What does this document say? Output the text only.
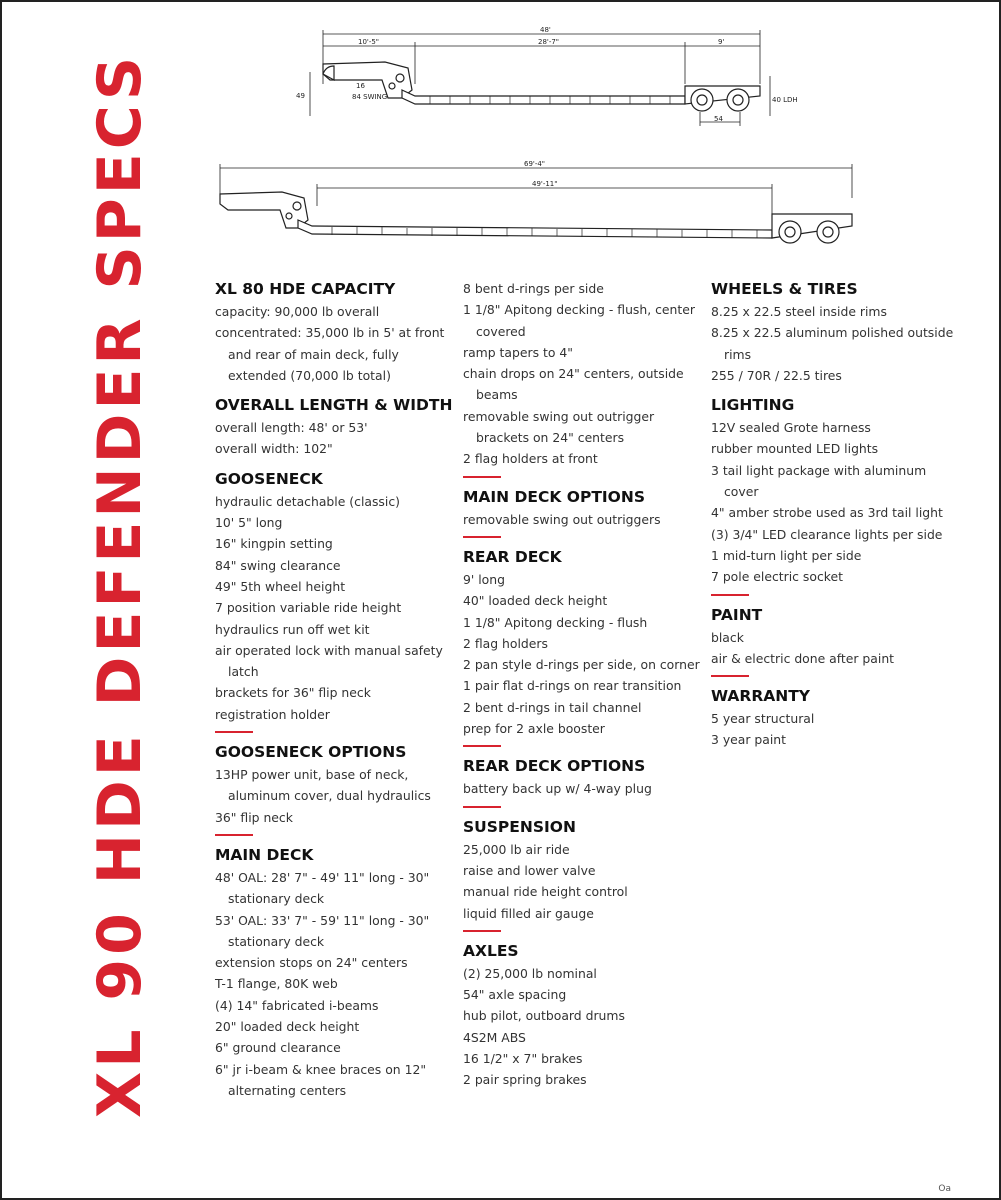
XL 90 HDE DEFENDER SPECS
48'
10'-5"	28'-7"	9'
49
16
84 SWING	40 LDH
54
69'-4"
49'-11"
XL 80 HDE CAPACITY
capacity: 90,000 lb overall
concentrated: 35,000 lb in 5' at front and rear of main deck, fully extended (70,000 lb total)
OVERALL LENGTH & WIDTH
overall length: 48' or 53'
overall width: 102"
GOOSENECK
hydraulic detachable (classic)
10' 5" long
16" kingpin setting
84" swing clearance
49" 5th wheel height
7 position variable ride height
hydraulics run off wet kit
air operated lock with manual safety latch
brackets for 36" flip neck
registration holder
GOOSENECK OPTIONS
13HP power unit, base of neck, aluminum cover, dual hydraulics
36" flip neck
MAIN DECK
48' OAL: 28' 7" - 49' 11" long - 30" stationary deck
53' OAL: 33' 7" - 59' 11" long - 30" stationary deck
extension stops on 24" centers
T-1 flange, 80K web
(4) 14" fabricated i-beams
20" loaded deck height
6" ground clearance
6" jr i-beam & knee braces on 12" alternating centers
8 bent d-rings per side
1 1/8" Apitong decking - flush, center covered
ramp tapers to 4"
chain drops on 24" centers, outside beams
removable swing out outrigger brackets on 24" centers
2 flag holders at front
MAIN DECK OPTIONS
removable swing out outriggers
REAR DECK
9' long
40" loaded deck height
1 1/8" Apitong decking - flush
2 flag holders
2 pan style d-rings per side, on corner
1 pair flat d-rings on rear transition
2 bent d-rings in tail channel
prep for 2 axle booster
REAR DECK OPTIONS
battery back up w/ 4-way plug
SUSPENSION
25,000 lb air ride
raise and lower valve
manual ride height control
liquid filled air gauge
AXLES
(2) 25,000 lb nominal
54" axle spacing
hub pilot, outboard drums
4S2M ABS
16 1/2" x 7" brakes
2 pair spring brakes
WHEELS & TIRES
8.25 x 22.5 steel inside rims
8.25 x 22.5 aluminum polished outside rims
255 / 70R / 22.5 tires
LIGHTING
12V sealed Grote harness
rubber mounted LED lights
3 tail light package with aluminum cover
4" amber strobe used as 3rd tail light
(3) 3/4" LED clearance lights per side
1 mid-turn light per side
7 pole electric socket
PAINT
black
air & electric done after paint
WARRANTY
5 year structural
3 year paint
Oa
